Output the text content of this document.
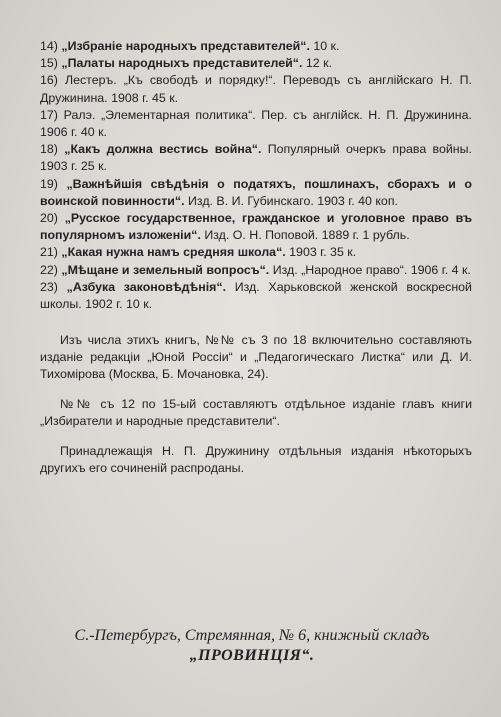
14) „Избраніе народныхъ представителей“. 10 к.

15) „Палаты народныхъ представителей“. 12 к.

16) Лестеръ. „Къ свободѣ и порядку!“. Переводъ съ англійскаго Н. П. Дружинина. 1908 г. 45 к.

17) Ралэ. „Элементарная политика“. Пер. съ англійск. Н. П. Дружинина. 1906 г. 40 к.

18) „Какъ должна вестись война“. Популярный очеркъ права войны. 1903 г. 25 к.

19) „Важнѣйшія свѣдѣнія о податяхъ, пошлинахъ, сборахъ и о воинской повинности“. Изд. В. И. Губинскаго. 1903 г. 40 коп.

20) „Русское государственное, гражданское и уголовное право въ популярномъ изложеніи“. Изд. О. Н. Поповой. 1889 г. 1 рубль.

21) „Какая нужна намъ средняя школа“. 1903 г. 35 к.

22) „Мѣщане и земельный вопросъ“. Изд. „Народное право“. 1906 г. 4 к.

23) „Азбука законовѣдѣнія“. Изд. Харьковской женской воскресной школы. 1902 г. 10 к.

Изъ числа этихъ книгъ, №№ съ 3 по 18 включительно составляють изданіе редакціи „Юной Россіи“ и „Педагогическаго Листка“ или Д. И. Тихомірова (Москва, Б. Мочановка, 24).

№№ съ 12 по 15-ый составляютъ отдѣльное изданіе главъ книги „Избиратели и народные представители“.

Принадлежащія Н. П. Дружинину отдѣльныя изданія нѣкоторыхъ другихъ его сочиненій распроданы.

С.-Петербургъ, Стремянная, № 6, книжный складъ
„ПРОВИНЦІЯ“.
